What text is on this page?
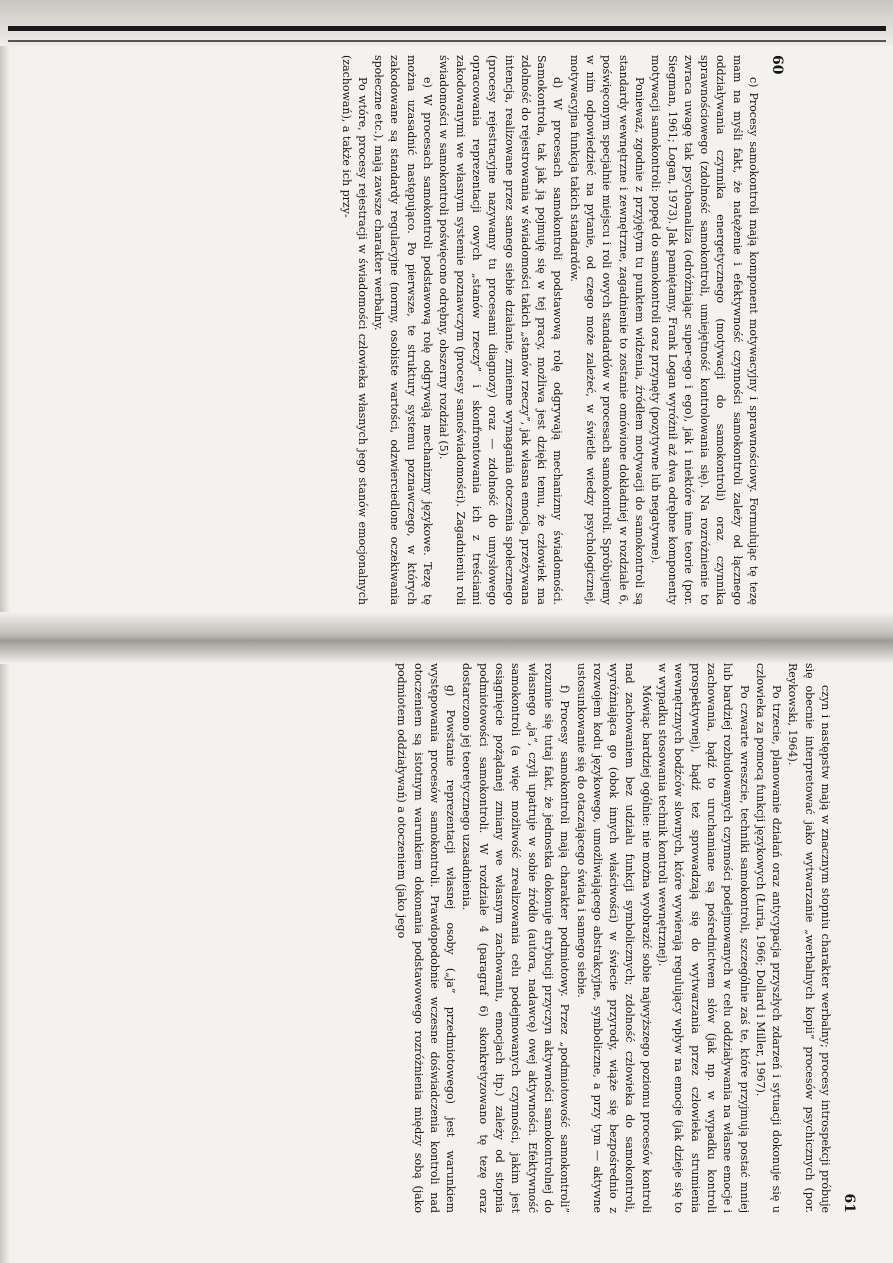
60

c) Procesy samokontroli mają komponent motywacyjny i sprawnościowy. Formułując tę tezę mam na myśli fakt, że natężenie i efektywność czynności samokontroli zależy od łącznego oddziaływania czynnika energetycznego (motywacji do samokontroli) oraz czynnika sprawnościowego (zdolność samokontroli, umiejętność kontrolowania się). Na rozróżnienie to zwraca uwagę tak psychoanaliza (odróżniając super-ego i ego), jak i niektóre inne teorie (por. Siegman, 1961; Logan, 1973). Jak pamiętamy, Frank Logan wyróżnił aż dwa odrębne komponenty motywacji samokontroli: popęd do samokontroli oraz przynęty (pozytywne lub negatywne).

Ponieważ, zgodnie z przyjętym tu punktem widzenia, źródłem motywacji do samokontroli są standardy wewnętrzne i zewnętrzne, zagadnienie to zostanie omówione dokładniej w rozdziale 6, poświęconym specjalnie miejscu i roli owych standardów w procesach samokontroli. Spróbujemy w nim odpowiedzieć na pytanie, od czego może zależeć, w świetle wiedzy psychologicznej, motywacyjna funkcja takich standardów.

d) W procesach samokontroli podstawową rolę odgrywają mechanizmy świadomości. Samokontrola, tak jak ją pojmuję się w tej pracy, możliwa jest dzięki temu, że człowiek ma zdolność do rejestrowania w świadomości takich „stanów rzeczy”, jak własna emocja, przeżywana intencja, realizowane przez samego siebie działanie, zmienne wymagania otoczenia społecznego (procesy rejestracyjne nazywamy tu procesami diagnozy) oraz — zdolność do umysłowego opracowania reprezentacji owych „stanów rzeczy” i skonfrontowania ich z treściami zakodowanymi we własnym systemie poznawczym (procesy samoświadomości). Zagadnieniu roli świadomości w samokontroli poświęcono odrębny, obszerny rozdział (5).

e) W procesach samokontroli podstawową rolę odgrywają mechanizmy językowe. Tezę tę można uzasadnić następująco. Po pierwsze, te struktury systemu poznawczego, w których zakodowane są standardy regulacyjne (normy, osobiste wartości, odzwierciedlone oczekiwania społeczne etc.), mają zawsze charakter werbalny.

Po wtóre, procesy rejestracji w świadomości człowieka własnych jego stanów emocjonalnych (zachowań), a także ich przy-

61

czyn i następstw mają w znacznym stopniu charakter werbalny; procesy introspekcji próbuje się obecnie interpretować jako wytwarzanie „werbalnych kopii” procesów psychicznych (por. Reykowski, 1964).

Po trzecie, planowanie działań oraz antycypacja przyszłych zdarzeń i sytuacji dokonuje się u człowieka za pomocą funkcji językowych (Łuria, 1966; Dollard i Miller, 1967).

Po czwarte wreszcie, techniki samokontroli, szczególnie zaś te, które przyjmują postać mniej lub bardziej rozbudowanych czynności podejmowanych w celu oddziaływania na własne emocje i zachowania, bądź to uruchamiane są pośrednictwem słów (jak np. w wypadku kontroli prospektywnej), bądź też sprowadzają się do wytwarzania przez człowieka strumienia wewnętrznych bodźców słownych, które wywierają regulujący wpływ na emocje (jak dzieje się to w wypadku stosowania technik kontroli wewnętrznej).

Mówiąc bardziej ogólnie: nie można wyobrazić sobie najwyższego poziomu procesów kontroli nad zachowaniem bez udziału funkcji symbolicznych; zdolność człowieka do samokontroli, wyróżniająca go (obok innych właściwości) w świecie przyrody, wiąże się bezpośrednio z rozwojem kodu językowego, umożliwiającego abstrakcyjne, symboliczne, a przy tym — aktywne ustosunkowanie się do otaczającego świata i samego siebie.

f) Procesy samokontroli mają charakter podmiotowy. Przez „podmiotowość samokontroli” rozumie się tutaj fakt, że jednostka dokonuje atrybucji przyczyn aktywności samokontrolnej do własnego „ja”, czyli upatruje w sobie źródło (autora, nadawcę) owej aktywności. Efektywność samokontroli (a więc możliwość zrealizowania celu podejmowanych czynności, jakim jest osiągnięcie pożądanej zmiany we własnym zachowaniu, emocjach itp.) zależy od stopnia podmiotowości samokontroli. W rozdziale 4 (paragraf 6) skonkretyzowano tę tezę oraz dostarczono jej teoretycznego uzasadnienia.

g) Powstanie reprezentacji własnej osoby („ja” przedmiotowego) jest warunkiem występowania procesów samokontroli. Prawdopodobnie wczesne doświadczenia kontroli nad otoczeniem są istotnym warunkiem dokonania podstawowego rozróżnienia między sobą (jako podmiotem oddziaływań) a otoczeniem (jako jego
